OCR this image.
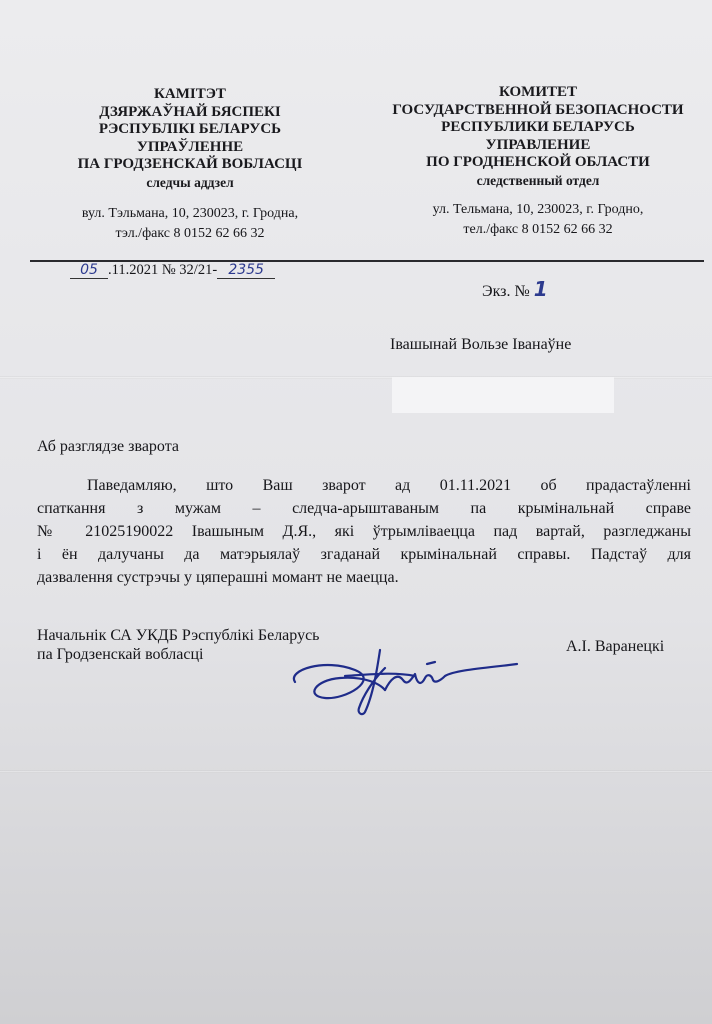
КАМІТЭТ
ДЗЯРЖАЎНАЙ БЯСПЕКІ
РЭСПУБЛІКІ БЕЛАРУСЬ
УПРАЎЛЕННЕ
ПА ГРОДЗЕНСКАЙ ВОБЛАСЦІ
следчы аддзел
вул. Тэльмана, 10, 230023, г. Гродна,
тэл./факс 8 0152 62 66 32
КОМИТЕТ
ГОСУДАРСТВЕННОЙ БЕЗОПАСНОСТИ
РЕСПУБЛИКИ БЕЛАРУСЬ
УПРАВЛЕНИЕ
ПО ГРОДНЕНСКОЙ ОБЛАСТИ
следственный отдел
ул. Тельмана, 10, 230023, г. Гродно,
тел./факс 8 0152 62 66 32
05 .11.2021 № 32/21- 2355
Экз. № 1
Івашынай Вользе Іванаўне
Аб разглядзе зварота
Паведамляю, што Ваш зварот ад 01.11.2021 об прадастаўленні
спаткання з мужам – следча-арыштаваным па крымінальнай справе
№ 21025190022 Івашыным Д.Я., які ўтрымліваецца пад вартай, разгледжаны
і ён далучаны да матэрыялаў згаданай крымінальнай справы. Падстаў для
дазвалення сустрэчы у цяперашні момант не маецца.
Начальнік СА УКДБ Рэспублікі Беларусь
па Гродзенскай вобласці	А.І. Варанецкі
